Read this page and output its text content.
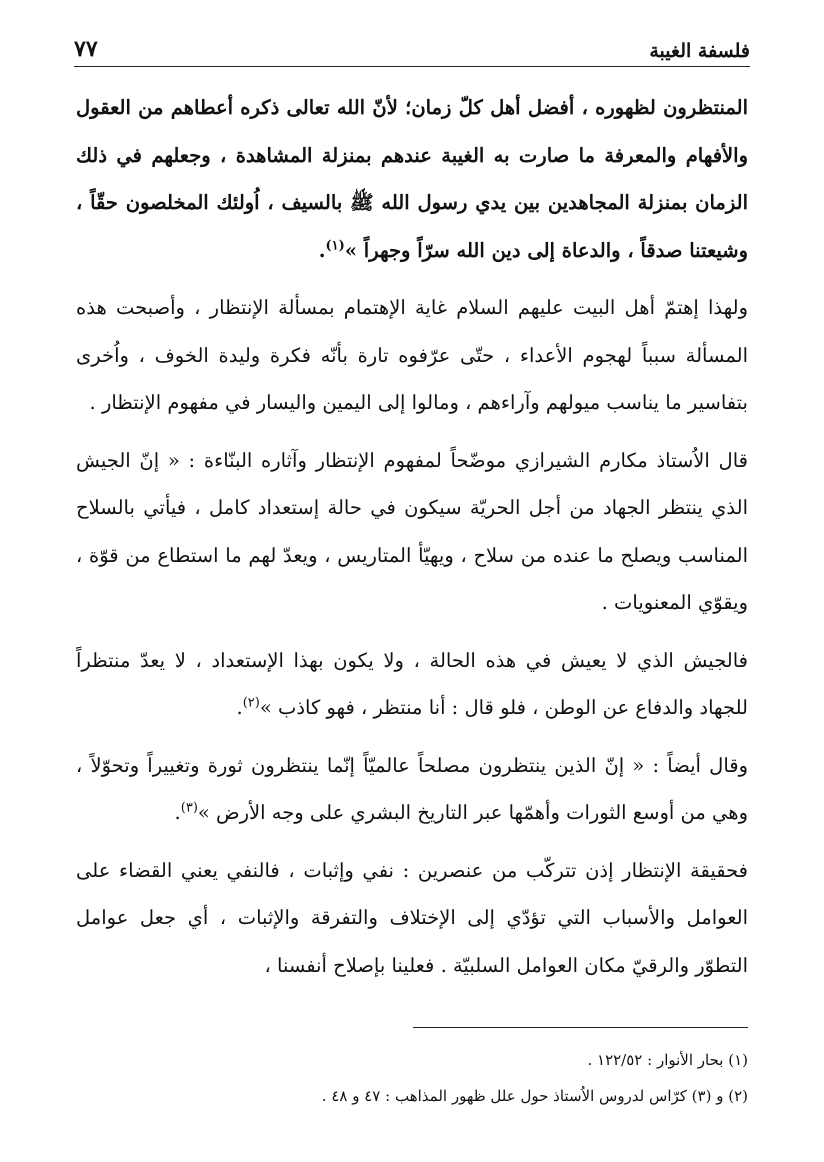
فلسفة الغيبة
٧٧

المنتظرون لظهوره ، أفضل أهل كلّ زمان؛ لأنّ الله تعالى ذكره أعطاهم من العقول والأفهام والمعرفة ما صارت به الغيبة عندهم بمنزلة المشاهدة ، وجعلهم في ذلك الزمان بمنزلة المجاهدين بين يدي رسول الله ﷺ بالسيف ، اُولئك المخلصون حقّاً ، وشيعتنا صدقاً ، والدعاة إلى دين الله سرّاً وجهراً »$^{(١)}$.

ولهذا إهتمّ أهل البيت عليهم السلام غاية الإهتمام بمسألة الإنتظار ، وأصبحت هذه المسألة سبباً لهجوم الأعداء ، حتّى عرّفوه تارة بأنّه فكرة وليدة الخوف ، واُخرى بتفاسير ما يناسب ميولهم وآراءهم ، ومالوا إلى اليمين واليسار في مفهوم الإنتظار .

قال الاُستاذ مكارم الشيرازي موضّحاً لمفهوم الإنتظار وآثاره البنّاءة : « إنّ الجيش الذي ينتظر الجهاد من أجل الحريّة سيكون في حالة إستعداد كامل ، فيأتي بالسلاح المناسب ويصلح ما عنده من سلاح ، ويهيّأ المتاريس ، ويعدّ لهم ما استطاع من قوّة ، ويقوّي المعنويات .

فالجيش الذي لا يعيش في هذه الحالة ، ولا يكون بهذا الإستعداد ، لا يعدّ منتظراً للجهاد والدفاع عن الوطن ، فلو قال : أنا منتظر ، فهو كاذب »$^{(٢)}$.

وقال أيضاً : « إنّ الذين ينتظرون مصلحاً عالميّاً إنّما ينتظرون ثورة وتغييراً وتحوّلاً ، وهي من أوسع الثورات وأهمّها عبر التاريخ البشري على وجه الأرض »$^{(٣)}$.

فحقيقة الإنتظار إذن تتركّب من عنصرين : نفي وإثبات ، فالنفي يعني القضاء على العوامل والأسباب التي تؤدّي إلى الإختلاف والتفرقة والإثبات ، أي جعل عوامل التطوّر والرقيّ مكان العوامل السلبيّة . فعلينا بإصلاح أنفسنا ،

(١) بحار الأنوار : ١٢٢/٥٢ .

(٢) و (٣) كرّاس لدروس الاُستاذ حول علل ظهور المذاهب : ٤٧ و ٤٨ .
